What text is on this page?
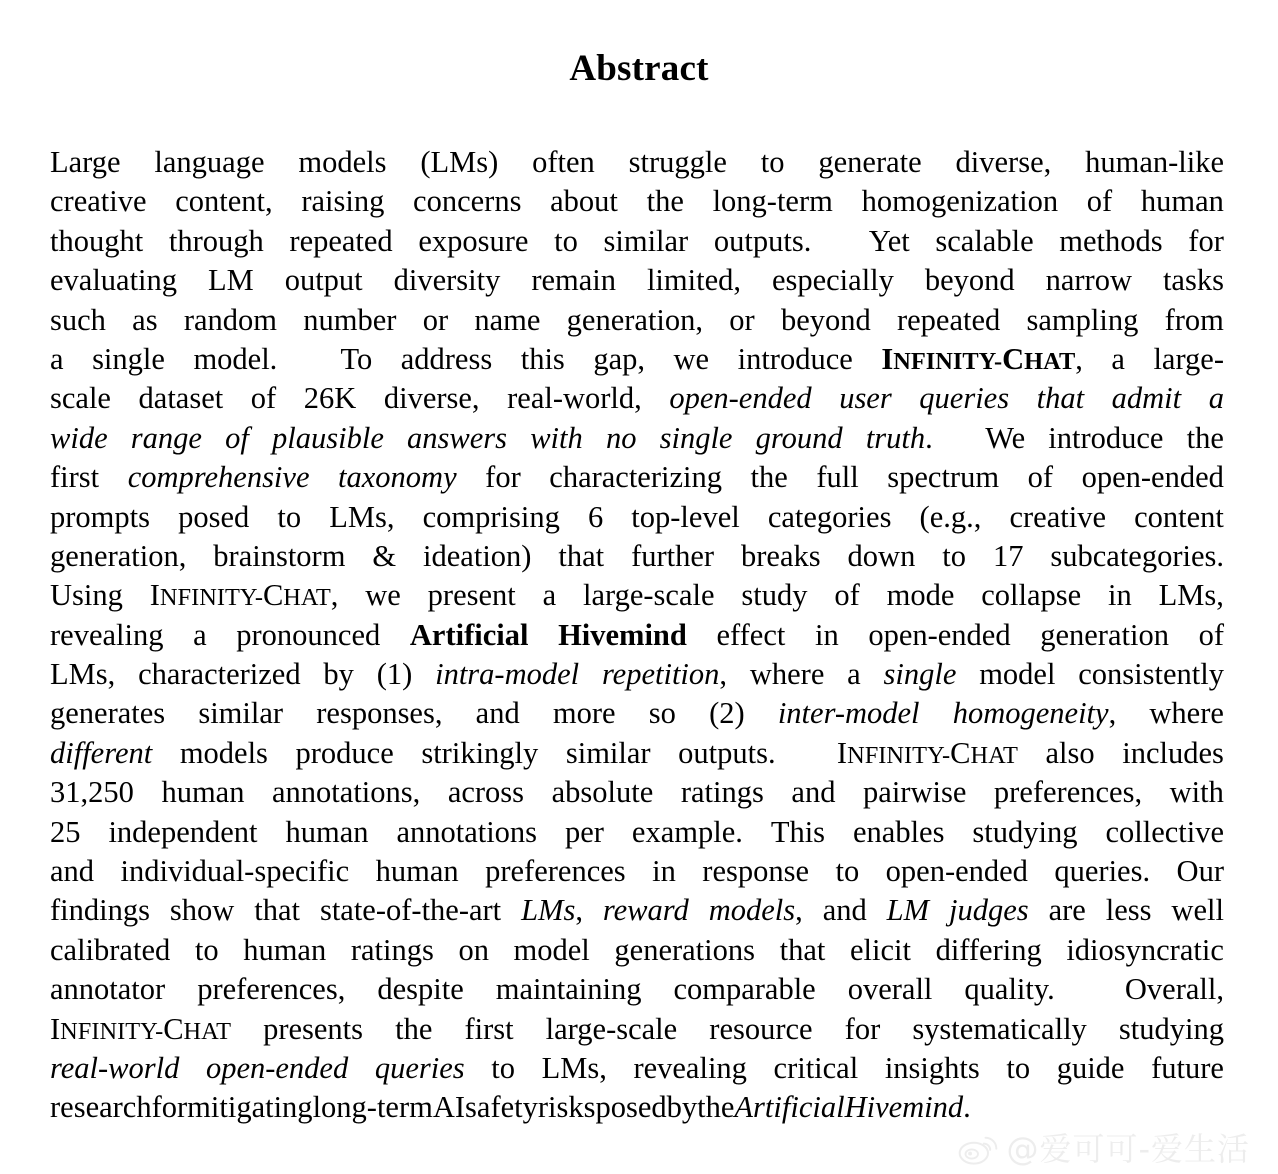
Abstract
Large language models (LMs) often struggle to generate diverse, human-like
creative content, raising concerns about the long-term homogenization of human
thought through repeated exposure to similar outputs.
  Yet scalable methods for
evaluating LM output diversity remain limited, especially beyond narrow tasks
such as random number or name generation, or beyond repeated sampling from
a single model.
  To address this gap, we introduce INFINITY-CHAT, a large-
scale dataset of 26K diverse, real-world, open-ended user queries that admit a
wide range of plausible answers with no single ground truth.
  We introduce the
first comprehensive taxonomy for characterizing the full spectrum of open-ended
prompts posed to LMs, comprising 6 top-level categories (e.g., creative content
generation, brainstorm & ideation) that further breaks down to 17 subcategories.
Using INFINITY-CHAT, we present a large-scale study of mode collapse in LMs,
revealing a pronounced Artificial Hivemind effect in open-ended generation of
LMs, characterized by (1) intra-model repetition, where a single model consistently
generates similar responses, and more so (2) inter-model homogeneity, where
different models produce strikingly similar outputs.
  INFINITY-CHAT also includes
31,250 human annotations, across absolute ratings and pairwise preferences, with
25 independent human annotations per example. This enables studying collective
and individual-specific human preferences in response to open-ended queries. Our
findings show that state-of-the-art LMs, reward models, and LM judges are less well
calibrated to human ratings on model generations that elicit differing idiosyncratic
annotator preferences, despite maintaining comparable overall quality.
  Overall,
INFINITY-CHAT presents the first large-scale resource for systematically studying
real-world open-ended queries to LMs, revealing critical insights to guide future
research for mitigating long-term AI safety risks posed by the Artificial Hivemind.
@爱可可-爱生活
